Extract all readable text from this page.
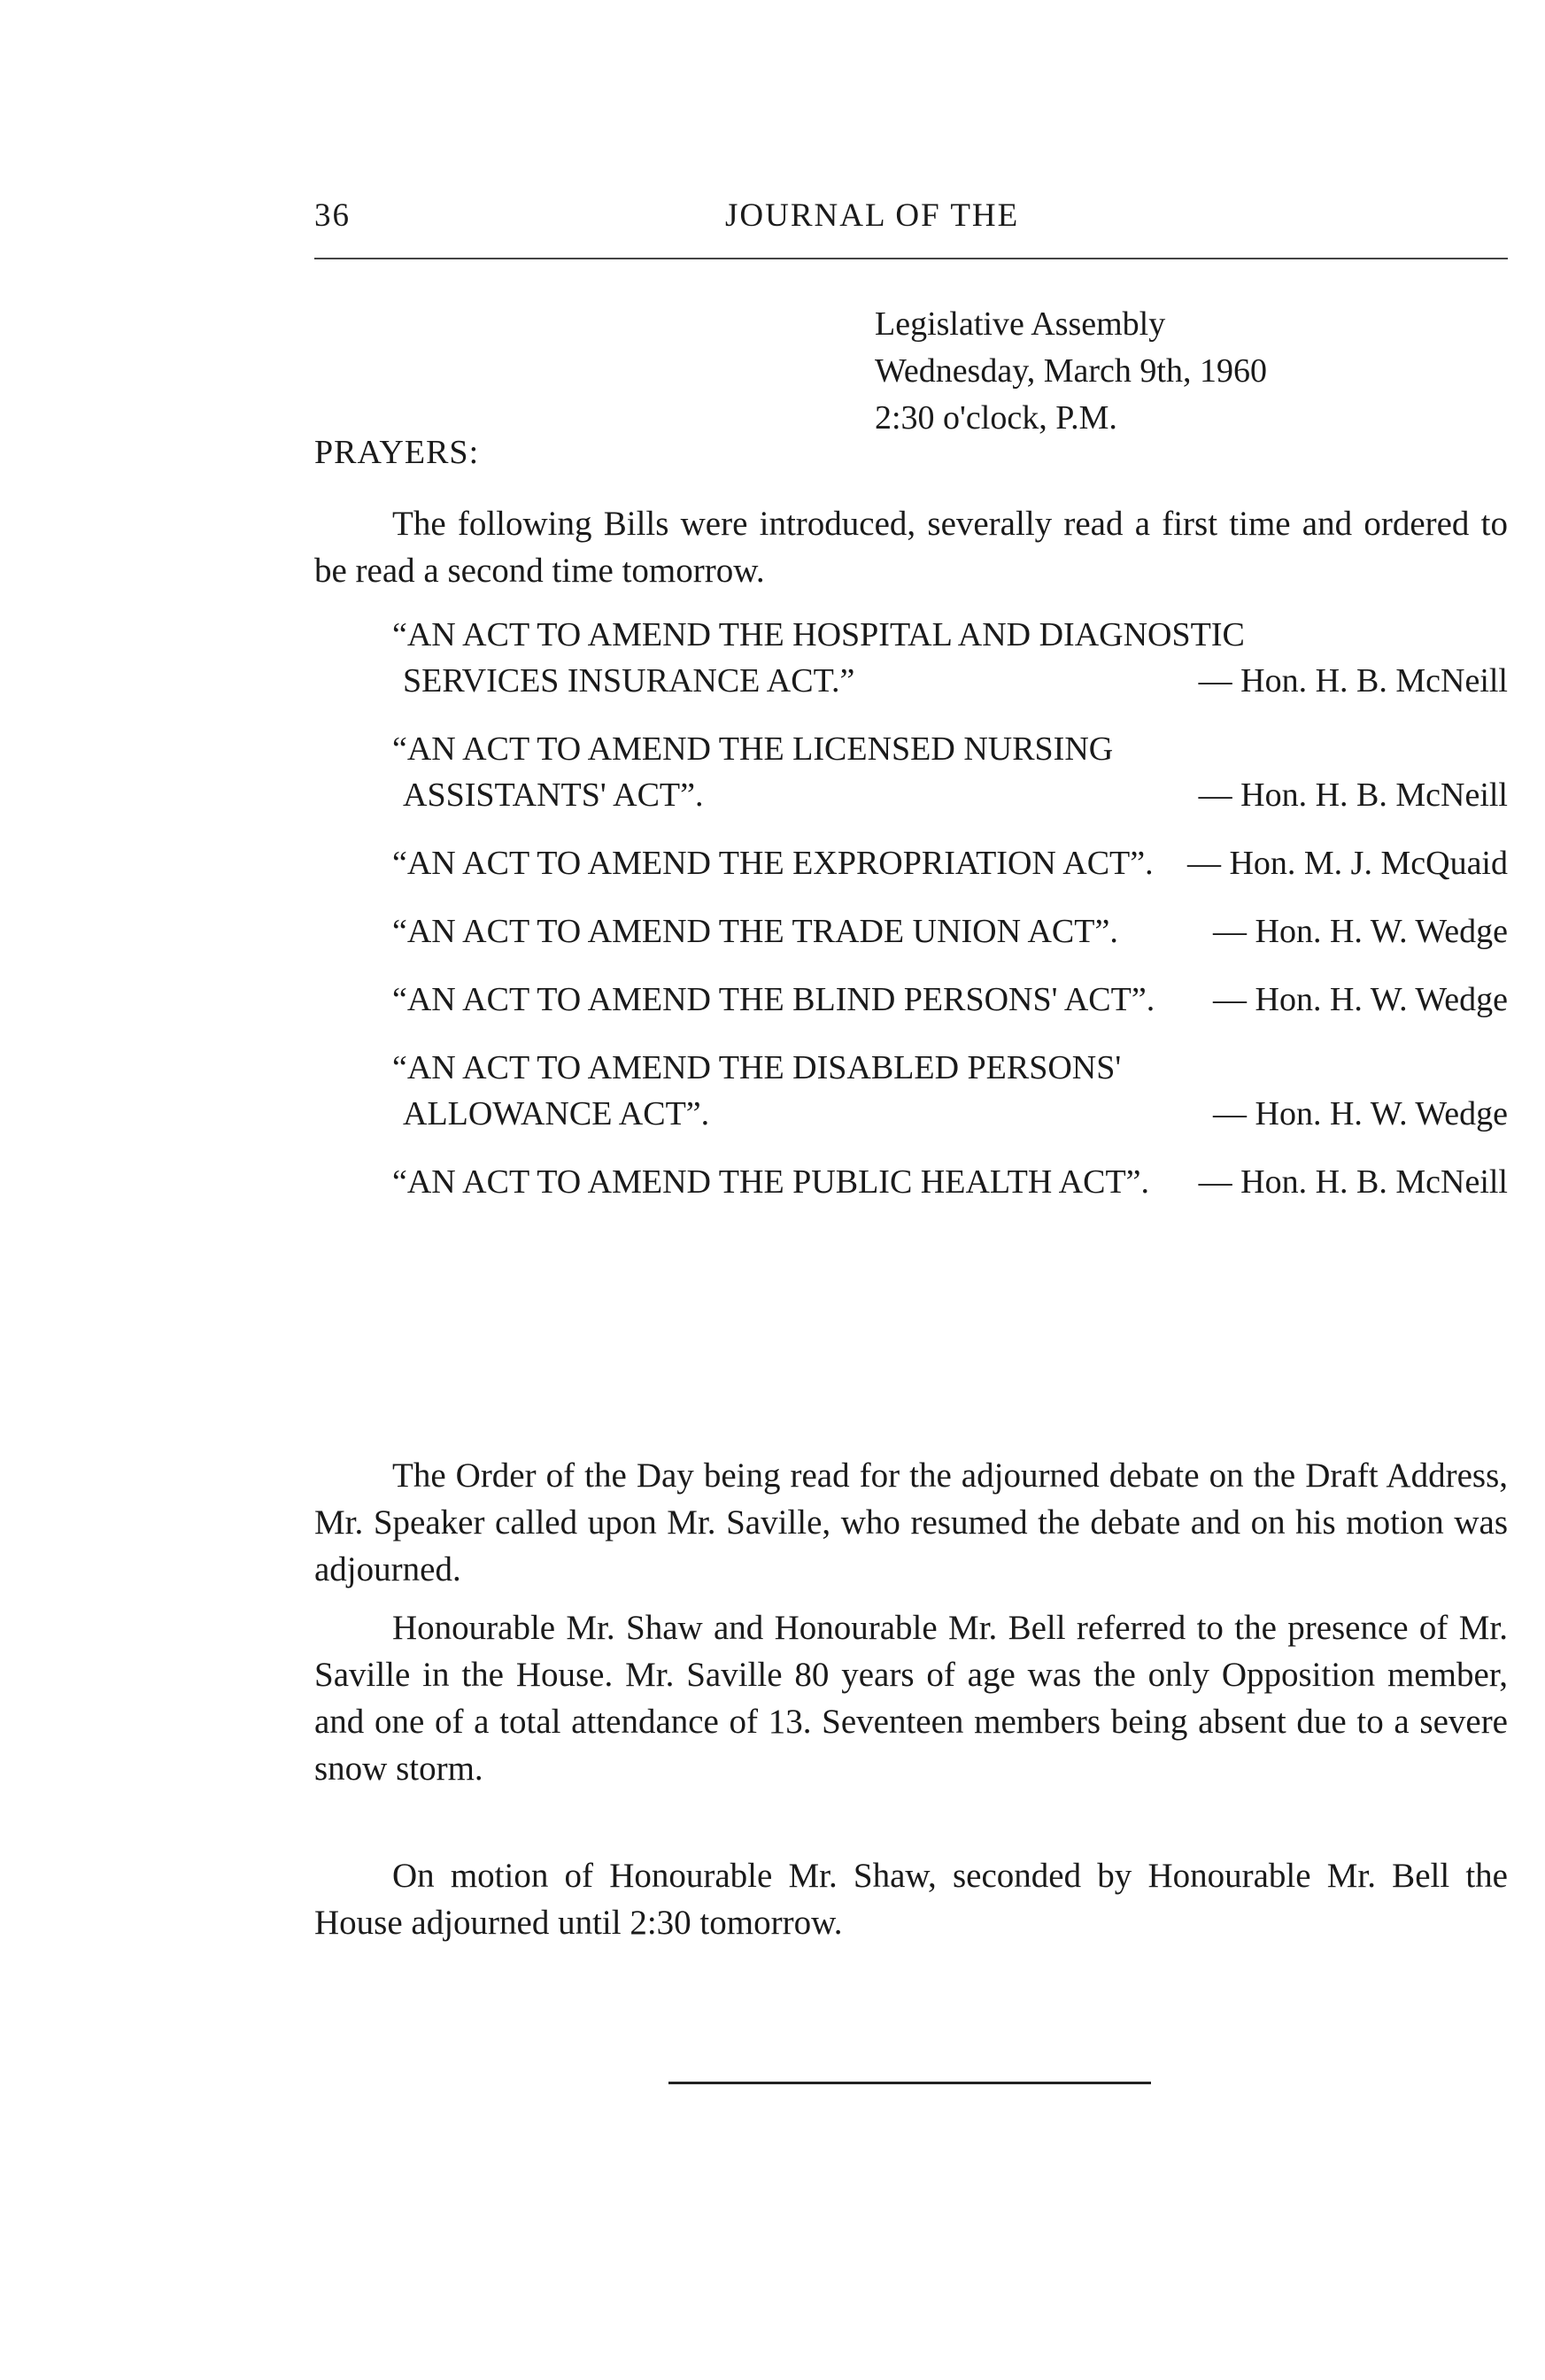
36	JOURNAL OF THE
Legislative Assembly
Wednesday, March 9th, 1960
2:30 o'clock, P.M.
PRAYERS:

The following Bills were introduced, severally read a first time and ordered to be read a second time tomorrow.

“AN ACT TO AMEND THE HOSPITAL AND DIAGNOSTIC SERVICES INSURANCE ACT.”	— Hon. H. B. McNeill
“AN ACT TO AMEND THE LICENSED NURSING ASSISTANTS' ACT”.	— Hon. H. B. McNeill
“AN ACT TO AMEND THE EXPROPRIATION ACT”.	— Hon. M. J. McQuaid
“AN ACT TO AMEND THE TRADE UNION ACT”.	— Hon. H. W. Wedge
“AN ACT TO AMEND THE BLIND PERSONS' ACT”.	— Hon. H. W. Wedge
“AN ACT TO AMEND THE DISABLED PERSONS' ALLOWANCE ACT”.	— Hon. H. W. Wedge
“AN ACT TO AMEND THE PUBLIC HEALTH ACT”.	— Hon. H. B. McNeill

The Order of the Day being read for the adjourned debate on the Draft Address, Mr. Speaker called upon Mr. Saville, who resumed the debate and on his motion was adjourned.

Honourable Mr. Shaw and Honourable Mr. Bell referred to the presence of Mr. Saville in the House. Mr. Saville 80 years of age was the only Opposition member, and one of a total attendance of 13. Seventeen members being absent due to a severe snow storm.

On motion of Honourable Mr. Shaw, seconded by Honourable Mr. Bell the House adjourned until 2:30 tomorrow.
